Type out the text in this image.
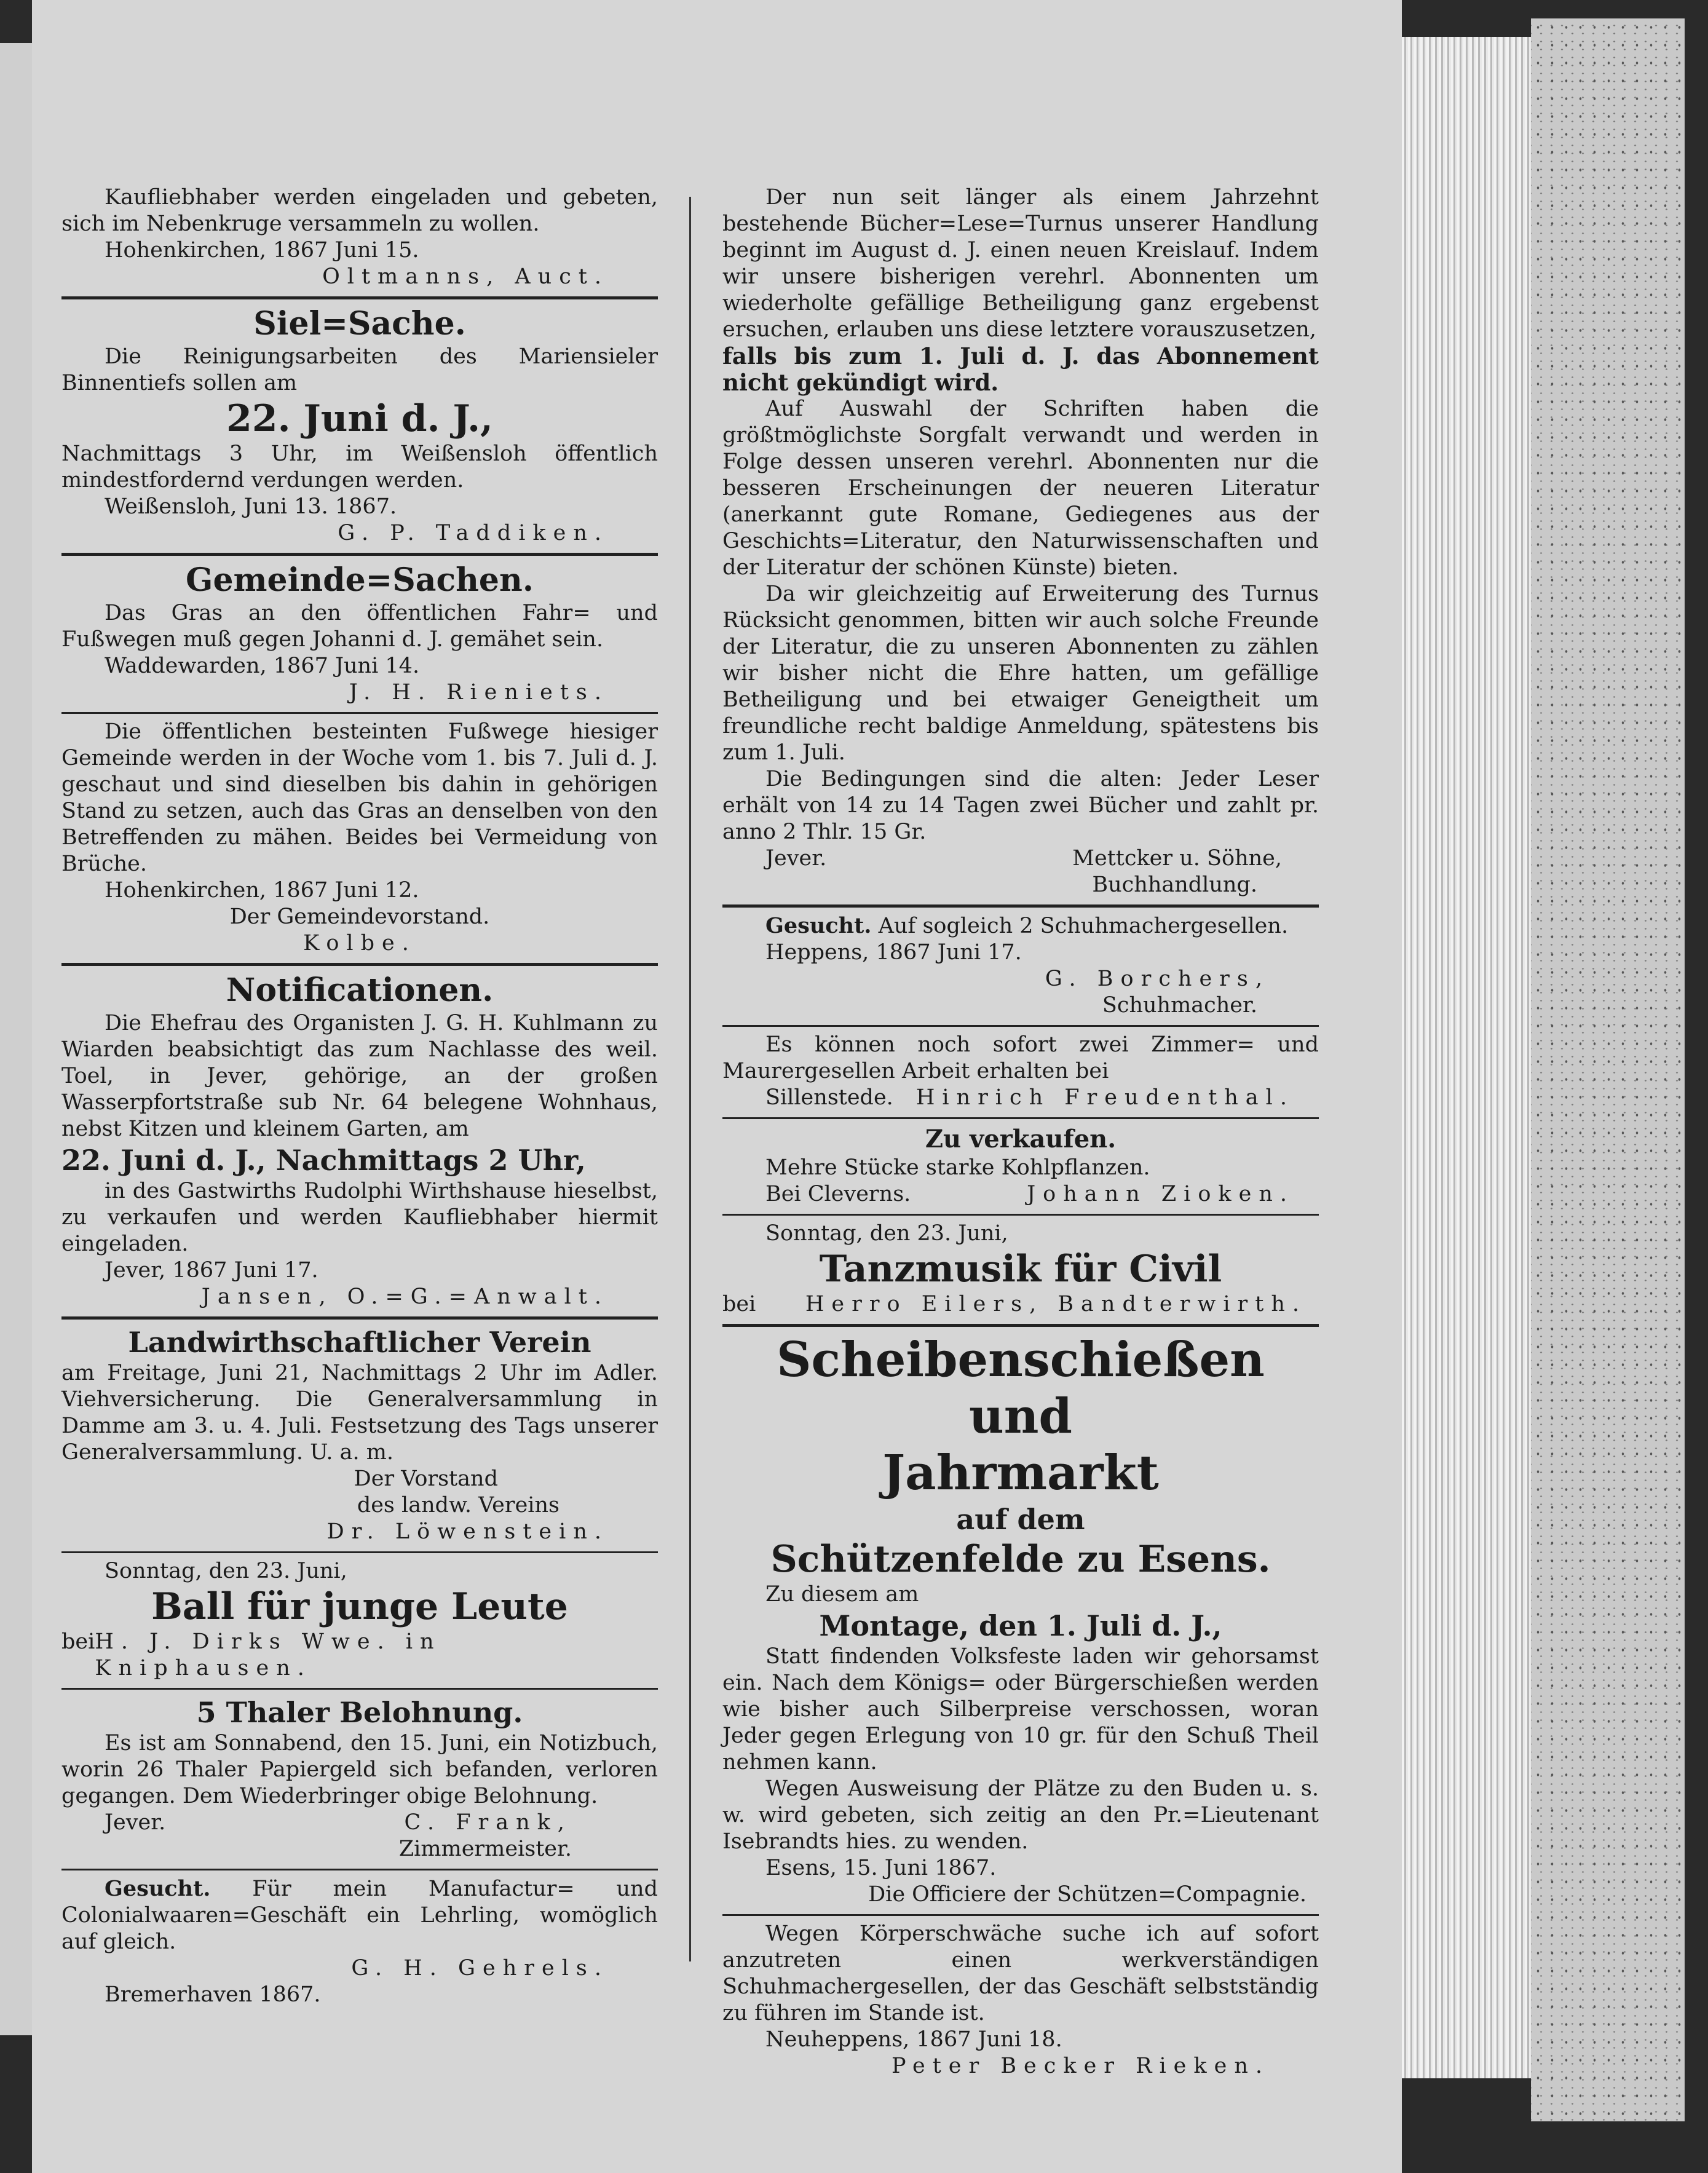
Kaufliebhaber werden eingeladen und gebeten, sich im Nebenkruge versammeln zu wollen.

Hohenkirchen, 1867 Juni 15.

Oltmanns, Auct.

Siel=Sache.

Die Reinigungsarbeiten des Mariensieler Binnentiefs sollen am

22. Juni d. J.,

Nachmittags 3 Uhr, im Weißensloh öffentlich mindestfordernd verdungen werden.

Weißensloh, Juni 13. 1867.

G. P. Taddiken.

Gemeinde=Sachen.

Das Gras an den öffentlichen Fahr= und Fußwegen muß gegen Johanni d. J. gemähet sein.

Waddewarden, 1867 Juni 14.

J. H. Rieniets.

Die öffentlichen besteinten Fußwege hiesiger Gemeinde werden in der Woche vom 1. bis 7. Juli d. J. geschaut und sind dieselben bis dahin in gehörigen Stand zu setzen, auch das Gras an denselben von den Betreffenden zu mähen. Beides bei Vermeidung von Brüche.

Hohenkirchen, 1867 Juni 12.

Der Gemeindevorstand.

Kolbe.

Notificationen.

Die Ehefrau des Organisten J. G. H. Kuhlmann zu Wiarden beabsichtigt das zum Nachlasse des weil. Toel, in Jever, gehörige, an der großen Wasserpfortstraße sub Nr. 64 belegene Wohnhaus, nebst Kitzen und kleinem Garten, am

22. Juni d. J., Nachmittags 2 Uhr,

in des Gastwirths Rudolphi Wirthshause hieselbst, zu verkaufen und werden Kaufliebhaber hiermit eingeladen.

Jever, 1867 Juni 17.

Jansen, O.=G.=Anwalt.

Landwirthschaftlicher Verein

am Freitage, Juni 21, Nachmittags 2 Uhr im Adler. Viehversicherung. Die Generalversammlung in Damme am 3. u. 4. Juli. Festsetzung des Tags unserer Generalversammlung. U. a. m.

Der Vorstand

des landw. Vereins

Dr. Löwenstein.

Sonntag, den 23. Juni,

Ball für junge Leute
bei H. J. Dirks Wwe. in Kniphausen.
5 Thaler Belohnung.

Es ist am Sonnabend, den 15. Juni, ein Notizbuch, worin 26 Thaler Papiergeld sich befanden, verloren gegangen. Dem Wiederbringer obige Belohnung.

Jever.	C. Frank,

Zimmermeister.

Gesucht. Für mein Manufactur= und Colonialwaaren=Geschäft ein Lehrling, womöglich auf gleich.

G. H. Gehrels.

Bremerhaven 1867.

Der nun seit länger als einem Jahrzehnt bestehende Bücher=Lese=Turnus unserer Handlung beginnt im August d. J. einen neuen Kreislauf. Indem wir unsere bisherigen verehrl. Abonnenten um wiederholte gefällige Betheiligung ganz ergebenst ersuchen, erlauben uns diese letztere vorauszusetzen,

falls bis zum 1. Juli d. J. das Abonnement nicht gekündigt wird.

Auf Auswahl der Schriften haben die größtmöglichste Sorgfalt verwandt und werden in Folge dessen unseren verehrl. Abonnenten nur die besseren Erscheinungen der neueren Literatur (anerkannt gute Romane, Gediegenes aus der Geschichts=Literatur, den Naturwissenschaften und der Literatur der schönen Künste) bieten.

Da wir gleichzeitig auf Erweiterung des Turnus Rücksicht genommen, bitten wir auch solche Freunde der Literatur, die zu unseren Abonnenten zu zählen wir bisher nicht die Ehre hatten, um gefällige Betheiligung und bei etwaiger Geneigtheit um freundliche recht baldige Anmeldung, spätestens bis zum 1. Juli.

Die Bedingungen sind die alten: Jeder Leser erhält von 14 zu 14 Tagen zwei Bücher und zahlt pr. anno 2 Thlr. 15 Gr.

Jever.	Mettcker u. Söhne,

Buchhandlung.

Gesucht. Auf sogleich 2 Schuhmachergesellen.

Heppens, 1867 Juni 17.

G. Borchers,

Schuhmacher.

Es können noch sofort zwei Zimmer= und Maurergesellen Arbeit erhalten bei

Sillenstede. Hinrich Freudenthal.
Zu verkaufen.

Mehre Stücke starke Kohlpflanzen.

Bei Cleverns.	Johann Zioken.

Sonntag, den 23. Juni,

Tanzmusik für Civil
bei Herro Eilers, Bandterwirth.
Scheibenschießen und
Jahrmarkt
auf dem
Schützenfelde zu Esens.

Zu diesem am

Montage, den 1. Juli d. J.,

Statt findenden Volksfeste laden wir gehorsamst ein. Nach dem Königs= oder Bürgerschießen werden wie bisher auch Silberpreise verschossen, woran Jeder gegen Erlegung von 10 gr. für den Schuß Theil nehmen kann.

Wegen Ausweisung der Plätze zu den Buden u. s. w. wird gebeten, sich zeitig an den Pr.=Lieutenant Isebrandts hies. zu wenden.

Esens, 15. Juni 1867.

Die Officiere der Schützen=Compagnie.

Wegen Körperschwäche suche ich auf sofort anzutreten einen werkverständigen Schuhmachergesellen, der das Geschäft selbstständig zu führen im Stande ist.

Neuheppens, 1867 Juni 18.

Peter Becker Rieken.
